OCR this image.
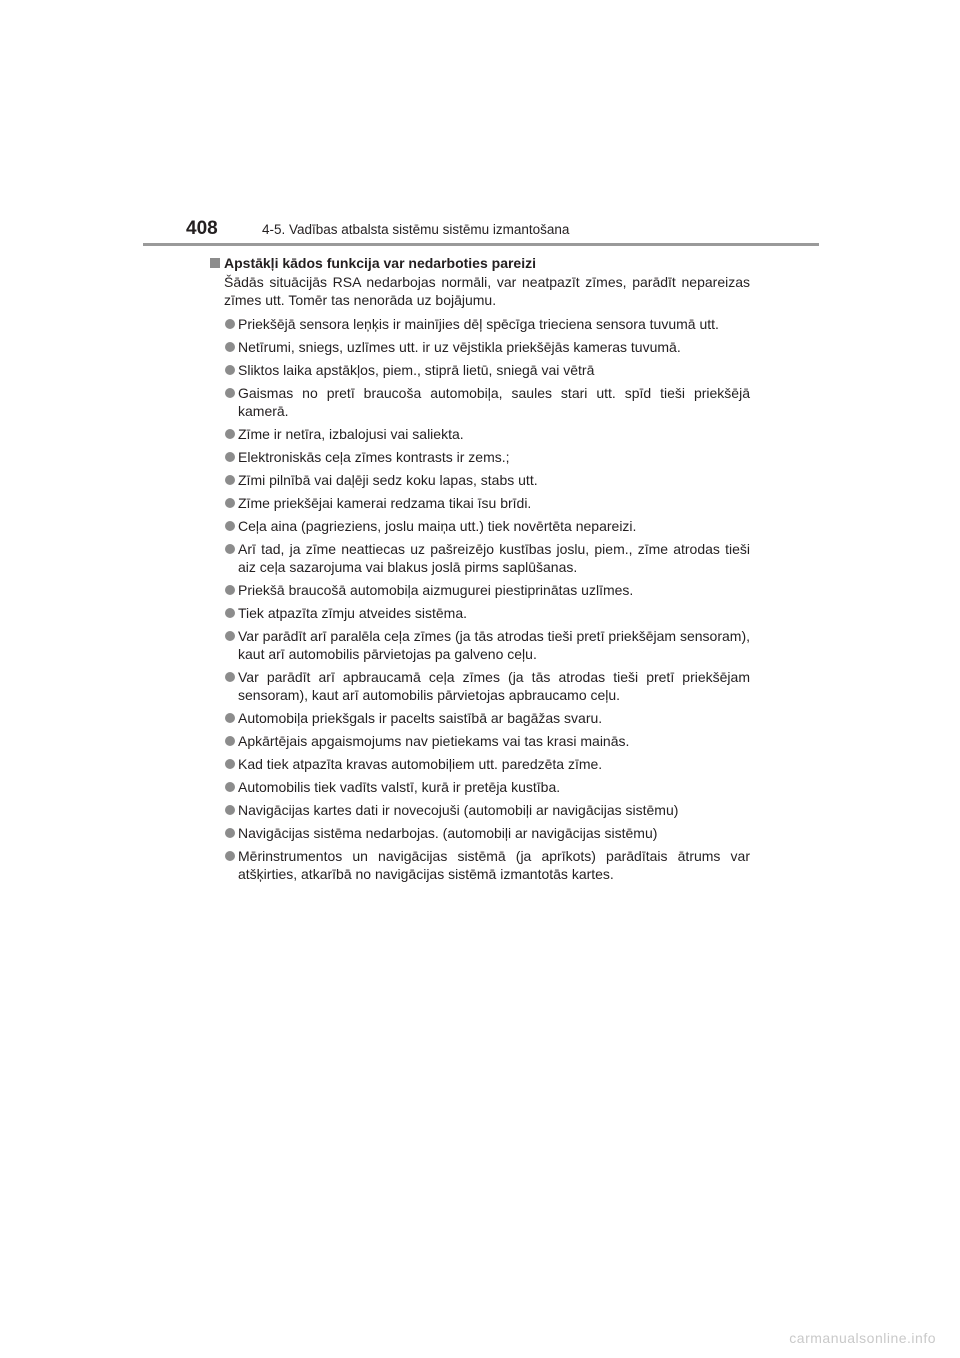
408	4-5. Vadības atbalsta sistēmu sistēmu izmantošana
Apstākļi kādos funkcija var nedarboties pareizi

Šādās situācijās RSA nedarbojas normāli, var neatpazīt zīmes, parādīt nepareizas zīmes utt. Tomēr tas nenorāda uz bojājumu.

Priekšējā sensora leņķis ir mainījies dēļ spēcīga trieciena sensora tuvumā utt.
Netīrumi, sniegs, uzlīmes utt. ir uz vējstikla priekšējās kameras tuvumā.
Sliktos laika apstākļos, piem., stiprā lietū, sniegā vai vētrā
Gaismas no pretī braucoša automobiļa, saules stari utt. spīd tieši priekšējā kamerā.
Zīme ir netīra, izbalojusi vai saliekta.
Elektroniskās ceļa zīmes kontrasts ir zems.;
Zīmi pilnībā vai daļēji sedz koku lapas, stabs utt.
Zīme priekšējai kamerai redzama tikai īsu brīdi.
Ceļa aina (pagrieziens, joslu maiņa utt.) tiek novērtēta nepareizi.
Arī tad, ja zīme neattiecas uz pašreizējo kustības joslu, piem., zīme atrodas tieši aiz ceļa sazarojuma vai blakus joslā pirms saplūšanas.
Priekšā braucošā automobiļa aizmugurei piestiprinātas uzlīmes.
Tiek atpazīta zīmju atveides sistēma.
Var parādīt arī paralēla ceļa zīmes (ja tās atrodas tieši pretī priekšējam sensoram), kaut arī automobilis pārvietojas pa galveno ceļu.
Var parādīt arī apbraucamā ceļa zīmes (ja tās atrodas tieši pretī priekšējam sensoram), kaut arī automobilis pārvietojas apbraucamo ceļu.
Automobiļa priekšgals ir pacelts saistībā ar bagāžas svaru.
Apkārtējais apgaismojums nav pietiekams vai tas krasi mainās.
Kad tiek atpazīta kravas automobiļiem utt. paredzēta zīme.
Automobilis tiek vadīts valstī, kurā ir pretēja kustība.
Navigācijas kartes dati ir novecojuši (automobiļi ar navigācijas sistēmu)
Navigācijas sistēma nedarbojas. (automobiļi ar navigācijas sistēmu)
Mērinstrumentos un navigācijas sistēmā (ja aprīkots) parādītais ātrums var atšķirties, atkarībā no navigācijas sistēmā izmantotās kartes.
carmanualsonline.info
